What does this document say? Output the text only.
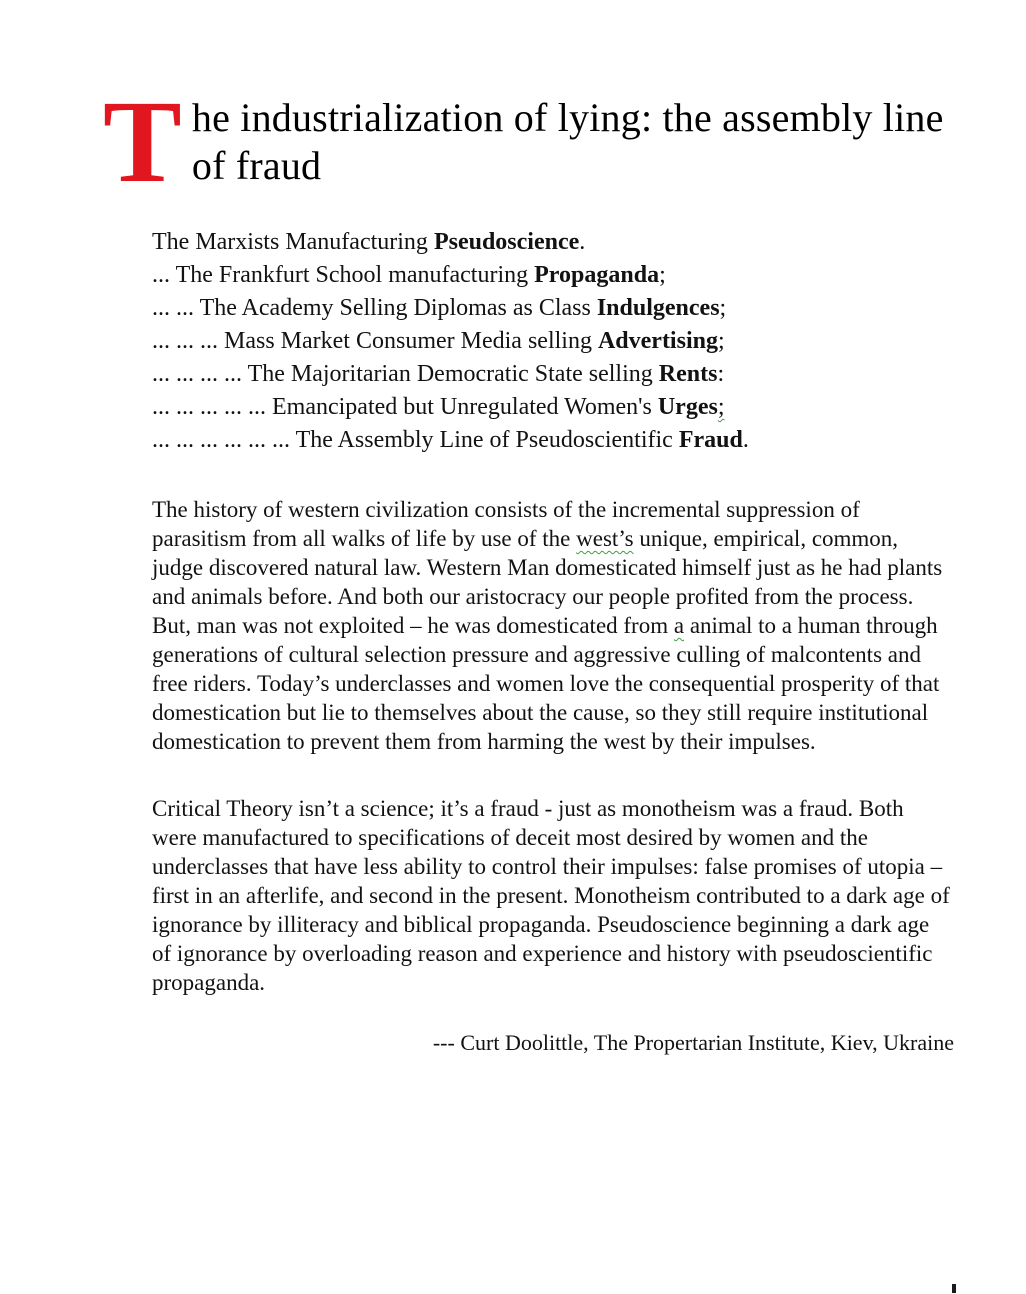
The industrialization of lying: the assembly line of fraud
The Marxists Manufacturing Pseudoscience.
... The Frankfurt School manufacturing Propaganda;
... ... The Academy Selling Diplomas as Class Indulgences;
... ... ... Mass Market Consumer Media selling Advertising;
... ... ... ... The Majoritarian Democratic State selling Rents:
... ... ... ... ... Emancipated but Unregulated Women's Urges;
... ... ... ... ... ... The Assembly Line of Pseudoscientific Fraud.

The history of western civilization consists of the incremental suppression of parasitism from all walks of life by use of the west’s unique, empirical, common, judge discovered natural law. Western Man domesticated himself just as he had plants and animals before. And both our aristocracy our people profited from the process.  But, man was not exploited – he was domesticated from a animal to a human through generations of cultural selection pressure and aggressive culling of malcontents and free riders. Today’s underclasses and women love the consequential prosperity of that domestication but lie to themselves about the cause, so they still require institutional domestication to prevent them from harming the west by their impulses.

Critical Theory isn’t a science; it’s a fraud - just as monotheism was a fraud. Both were manufactured to specifications of deceit most desired by women and the underclasses that have less ability to control their impulses: false promises of utopia – first in an afterlife, and second in the present. Monotheism contributed to a dark age of ignorance by illiteracy and biblical propaganda. Pseudoscience beginning a dark age of ignorance by overloading reason and experience and history with pseudoscientific propaganda.

--- Curt Doolittle, The Propertarian Institute, Kiev, Ukraine
